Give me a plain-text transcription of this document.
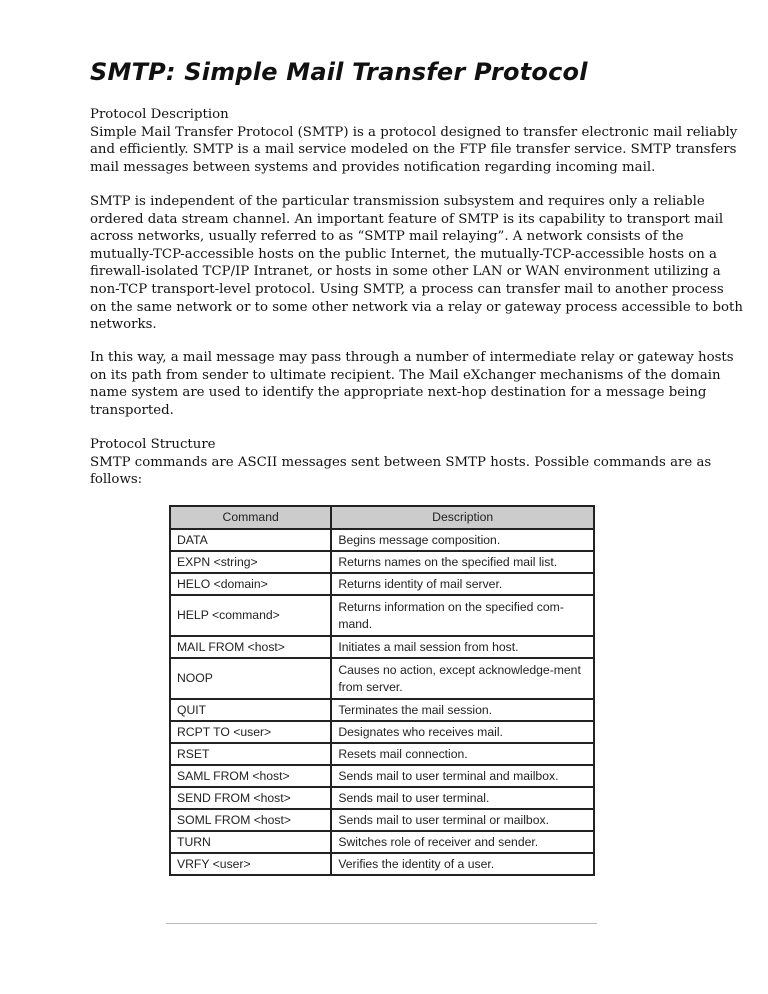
SMTP: Simple Mail Transfer Protocol
Protocol Description
Simple Mail Transfer Protocol (SMTP) is a protocol designed to transfer electronic mail reliably
and efficiently. SMTP is a mail service modeled on the FTP file transfer service. SMTP transfers
mail messages between systems and provides notification regarding incoming mail.
SMTP is independent of the particular transmission subsystem and requires only a reliable
ordered data stream channel. An important feature of SMTP is its capability to transport mail
across networks, usually referred to as “SMTP mail relaying”. A network consists of the
mutually-TCP-accessible hosts on the public Internet, the mutually-TCP-accessible hosts on a
firewall-isolated TCP/IP Intranet, or hosts in some other LAN or WAN environment utilizing a
non-TCP transport-level protocol. Using SMTP, a process can transfer mail to another process
on the same network or to some other network via a relay or gateway process accessible to both
networks.
In this way, a mail message may pass through a number of intermediate relay or gateway hosts
on its path from sender to ultimate recipient. The Mail eXchanger mechanisms of the domain
name system are used to identify the appropriate next-hop destination for a message being
transported.
Protocol Structure
SMTP commands are ASCII messages sent between SMTP hosts. Possible commands are as
follows:
Command	Description
DATA	Begins message composition.
EXPN <string>	Returns names on the specified mail list.
HELO <domain>	Returns identity of mail server.
HELP <command>	Returns information on the specified com-mand.
MAIL FROM <host>	Initiates a mail session from host.
NOOP	Causes no action, except acknowledge-ment from server.
QUIT	Terminates the mail session.
RCPT TO <user>	Designates who receives mail.
RSET	Resets mail connection.
SAML FROM <host>	Sends mail to user terminal and mailbox.
SEND FROM <host>	Sends mail to user terminal.
SOML FROM <host>	Sends mail to user terminal or mailbox.
TURN	Switches role of receiver and sender.
VRFY <user>	Verifies the identity of a user.
